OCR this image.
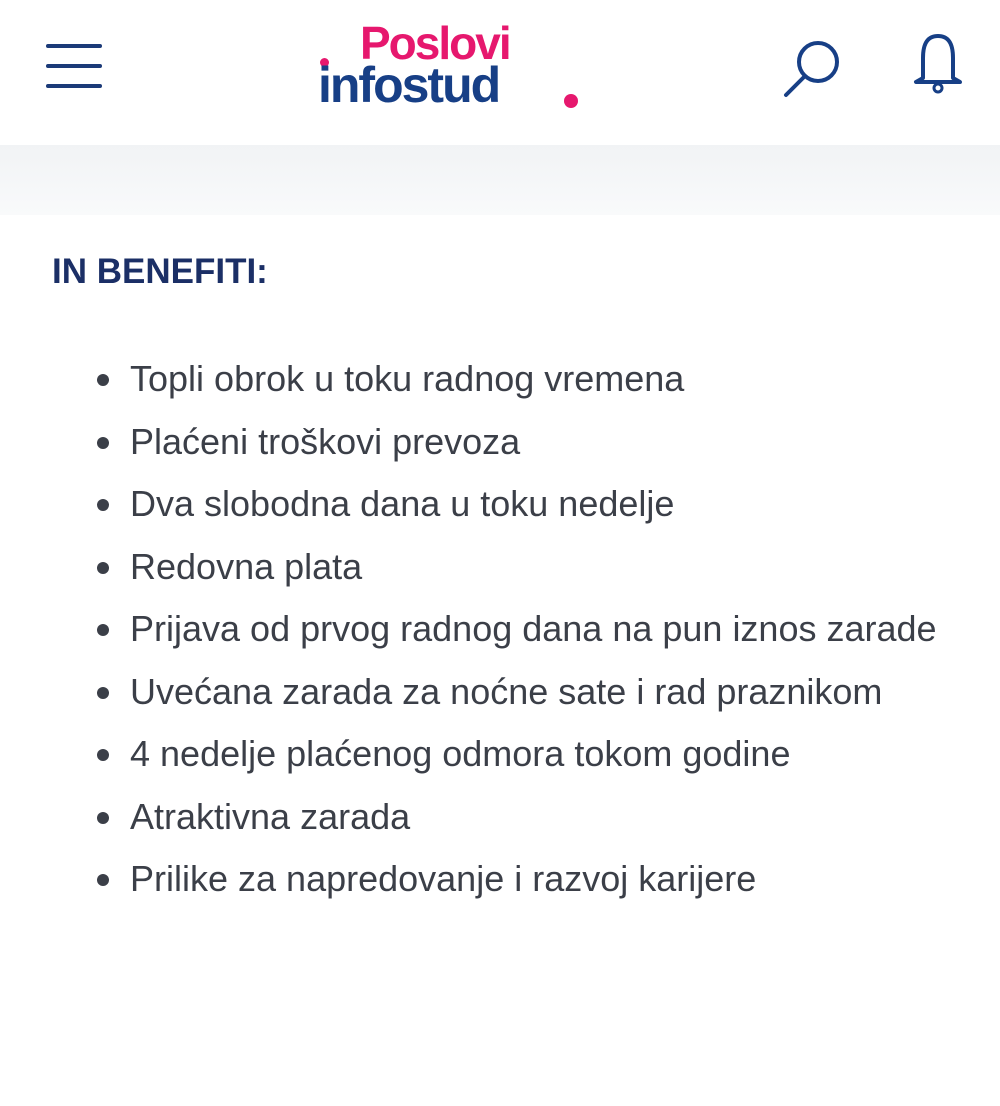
Poslovi
infostud
IN BENEFITI:
Topli obrok u toku radnog vremena
Plaćeni troškovi prevoza
Dva slobodna dana u toku nedelje
Redovna plata
Prijava od prvog radnog dana na pun iznos zarade
Uvećana zarada za noćne sate i rad praznikom
4 nedelje plaćenog odmora tokom godine
Atraktivna zarada
Prilike za napredovanje i razvoj karijere
